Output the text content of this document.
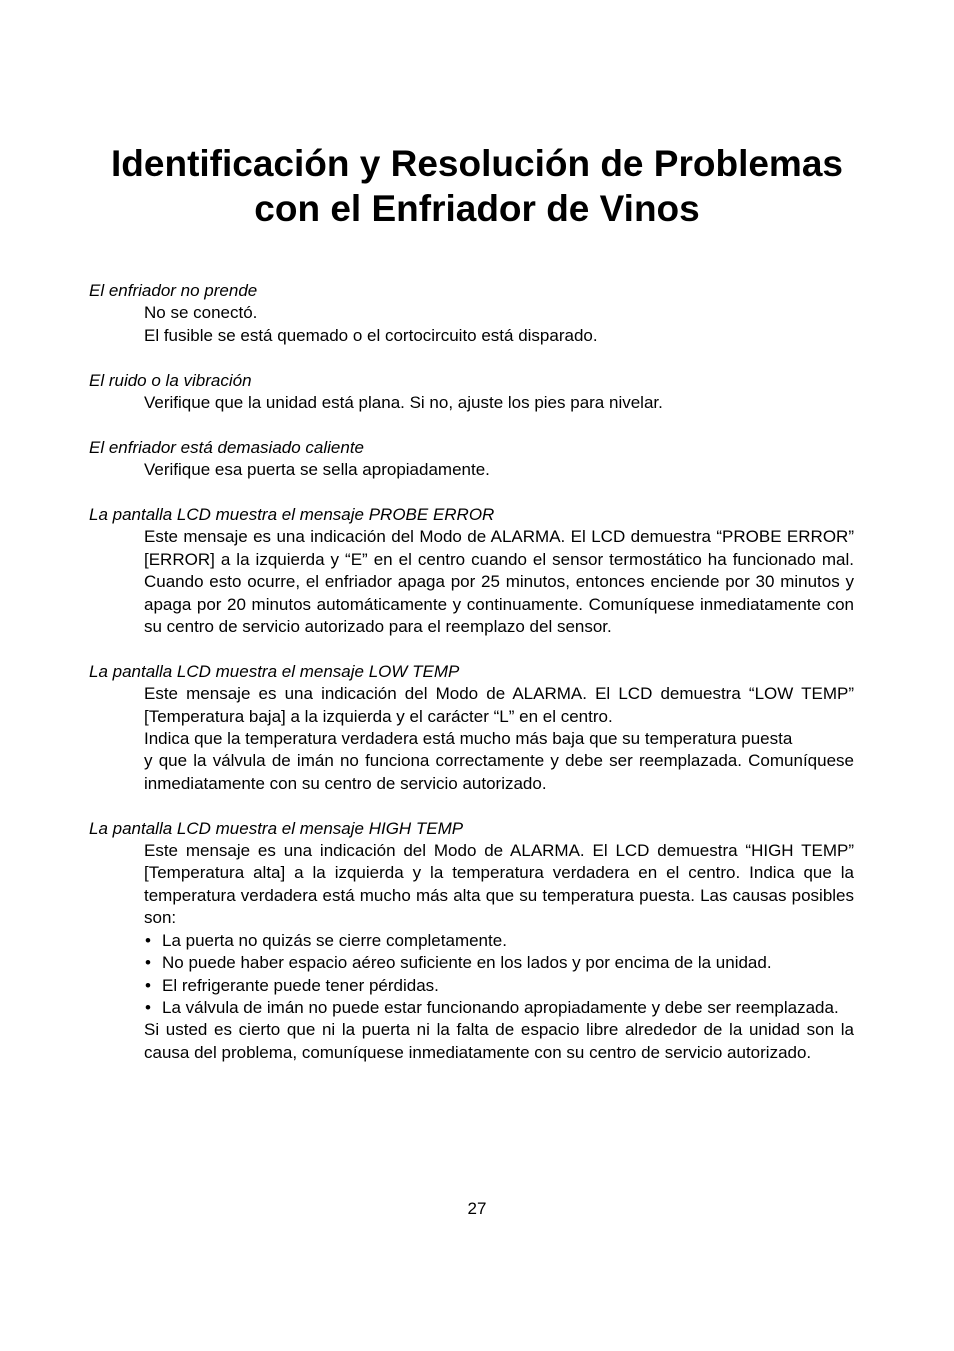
Identificación y Resolución de Problemas
con el Enfriador de Vinos

El enfriador no prende

No se conectó.

El fusible se está quemado o el cortocircuito está disparado.

El ruido o la vibración

Verifique que la unidad está plana. Si no, ajuste los pies para nivelar.

El enfriador está demasiado caliente

Verifique esa puerta se sella apropiadamente.

La pantalla LCD muestra el mensaje PROBE ERROR

Este mensaje es una indicación del Modo de ALARMA. El LCD demuestra “PROBE ERROR” [ERROR] a la izquierda y “E” en el centro cuando el sensor termostático ha funcionado mal. Cuando esto ocurre, el enfriador apaga por 25 minutos, entonces enciende por 30 minutos y apaga por 20 minutos automáticamente y continuamente. Comuníquese inmediatamente con su centro de servicio autorizado para el reemplazo del sensor.

La pantalla LCD muestra el mensaje LOW TEMP

Este mensaje es una indicación del Modo de ALARMA. El LCD demuestra “LOW TEMP” [Temperatura baja] a la izquierda y el carácter “L” en el centro.

Indica que la temperatura verdadera está mucho más baja que su temperatura puesta

y que la válvula de imán no funciona correctamente y debe ser reemplazada. Comuníquese inmediatamente con su centro de servicio autorizado.

La pantalla LCD muestra el mensaje HIGH TEMP

Este mensaje es una indicación del Modo de ALARMA. El LCD demuestra “HIGH TEMP” [Temperatura alta] a la izquierda y la temperatura verdadera en el centro. Indica que la temperatura verdadera está mucho más alta que su temperatura puesta. Las causas posibles son:

• La puerta no quizás se cierre completamente.
• No puede haber espacio aéreo suficiente en los lados y por encima de la unidad.
• El refrigerante puede tener pérdidas.
• La válvula de imán no puede estar funcionando apropiadamente y debe ser reemplazada.

Si usted es cierto que ni la puerta ni la falta de espacio libre alrededor de la unidad son la causa del problema, comuníquese inmediatamente con su centro de servicio autorizado.

27
